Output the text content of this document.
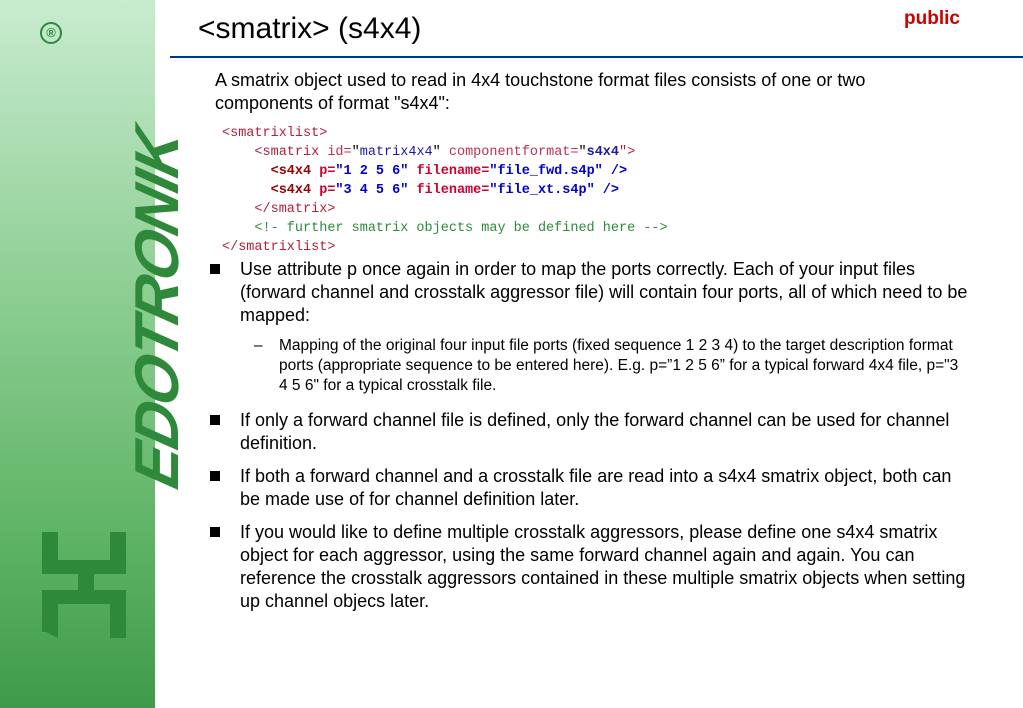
®
EDOTRONIK
<smatrix> (s4x4)	public
A smatrix object used to read in 4x4 touchstone format files consists of one or two components of format "s4x4":
<smatrixlist>
<smatrix id="matrix4x4" componentformat="s4x4">
<s4x4 p="1 2 5 6" filename="file_fwd.s4p" />
<s4x4 p="3 4 5 6" filename="file_xt.s4p" />
</smatrix>
<!- further smatrix objects may be defined here -->
</smatrixlist>
Use attribute p once again in order to map the ports correctly. Each of your input files (forward channel and crosstalk aggressor file) will contain four ports, all of which need to be mapped:
– Mapping of the original four input file ports (fixed sequence 1 2 3 4) to the target description format ports (appropriate sequence to be entered here). E.g. p=”1 2 5 6” for a typical forward 4x4 file, p="3 4 5 6" for a typical crosstalk file.
If only a forward channel file is defined, only the forward channel can be used for channel definition.
If both a forward channel and a crosstalk file are read into a s4x4 smatrix object, both can be made use of for channel definition later.
If you would like to define multiple crosstalk aggressors, please define one s4x4 smatrix object for each aggressor, using the same forward channel again and again. You can reference the crosstalk aggressors contained in these multiple smatrix objects when setting up channel objecs later.
